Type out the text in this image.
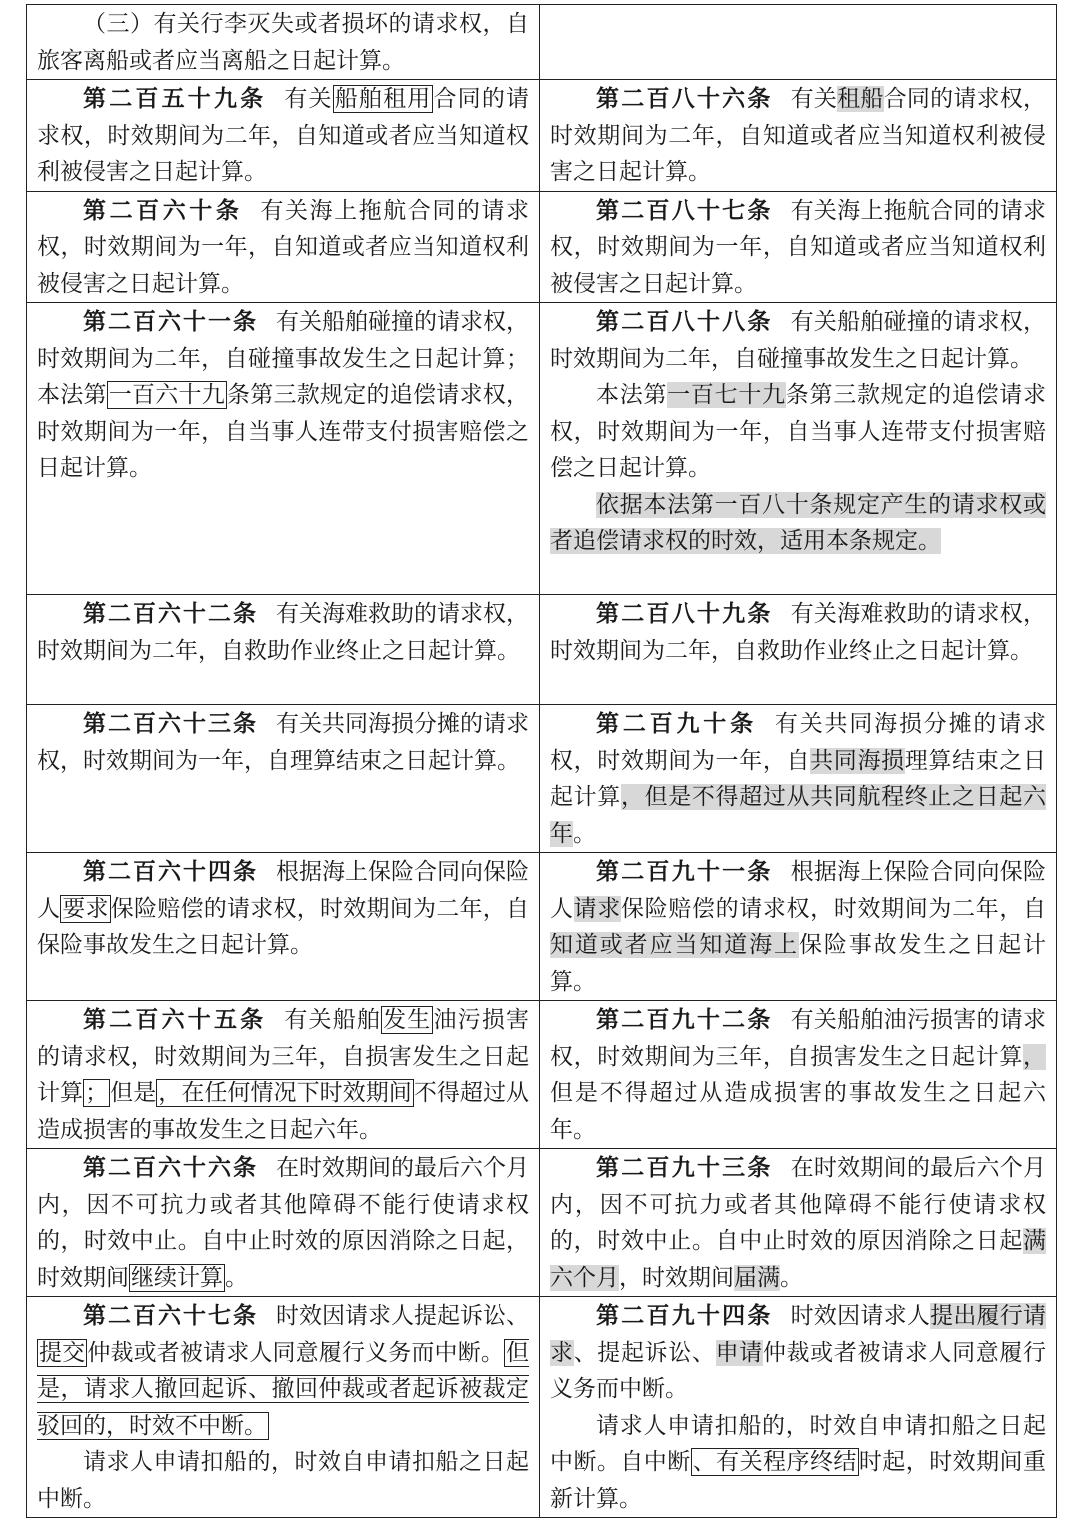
（三）有关行李灭失或者损坏的请求权，自旅客离船或者应当离船之日起计算。	

第二百五十九条 有关船舶租用合同的请求权，时效期间为二年，自知道或者应当知道权利被侵害之日起计算。	第二百八十六条 有关租船合同的请求权，时效期间为二年，自知道或者应当知道权利被侵害之日起计算。

第二百六十条 有关海上拖航合同的请求权，时效期间为一年，自知道或者应当知道权利被侵害之日起计算。	第二百八十七条 有关海上拖航合同的请求权，时效期间为一年，自知道或者应当知道权利被侵害之日起计算。

第二百六十一条 有关船舶碰撞的请求权，时效期间为二年，自碰撞事故发生之日起计算；本法第一百六十九条第三款规定的追偿请求权，时效期间为一年，自当事人连带支付损害赔偿之日起计算。	第二百八十八条 有关船舶碰撞的请求权，时效期间为二年，自碰撞事故发生之日起计算。
本法第一百七十九条第三款规定的追偿请求权，时效期间为一年，自当事人连带支付损害赔偿之日起计算。
依据本法第一百八十条规定产生的请求权或者追偿请求权的时效，适用本条规定。

第二百六十二条 有关海难救助的请求权，时效期间为二年，自救助作业终止之日起计算。	第二百八十九条 有关海难救助的请求权，时效期间为二年，自救助作业终止之日起计算。

第二百六十三条 有关共同海损分摊的请求权，时效期间为一年，自理算结束之日起计算。	第二百九十条 有关共同海损分摊的请求权，时效期间为一年，自共同海损理算结束之日起计算，但是不得超过从共同航程终止之日起六年。

第二百六十四条 根据海上保险合同向保险人要求保险赔偿的请求权，时效期间为二年，自保险事故发生之日起计算。	第二百九十一条 根据海上保险合同向保险人请求保险赔偿的请求权，时效期间为二年，自知道或者应当知道海上保险事故发生之日起计算。

第二百六十五条 有关船舶发生油污损害的请求权，时效期间为三年，自损害发生之日起计算；但是，在任何情况下时效期间不得超过从造成损害的事故发生之日起六年。	第二百九十二条 有关船舶油污损害的请求权，时效期间为三年，自损害发生之日起计算，但是不得超过从造成损害的事故发生之日起六年。

第二百六十六条 在时效期间的最后六个月内，因不可抗力或者其他障碍不能行使请求权的，时效中止。自中止时效的原因消除之日起，时效期间继续计算。	第二百九十三条 在时效期间的最后六个月内，因不可抗力或者其他障碍不能行使请求权的，时效中止。自中止时效的原因消除之日起满六个月，时效期间届满。

第二百六十七条 时效因请求人提起诉讼、提交仲裁或者被请求人同意履行义务而中断。但是，请求人撤回起诉、撤回仲裁或者起诉被裁定驳回的，时效不中断。
请求人申请扣船的，时效自申请扣船之日起中断。	第二百九十四条 时效因请求人提出履行请求、提起诉讼、申请仲裁或者被请求人同意履行义务而中断。
请求人申请扣船的，时效自申请扣船之日起中断。自中断、有关程序终结时起，时效期间重新计算。
